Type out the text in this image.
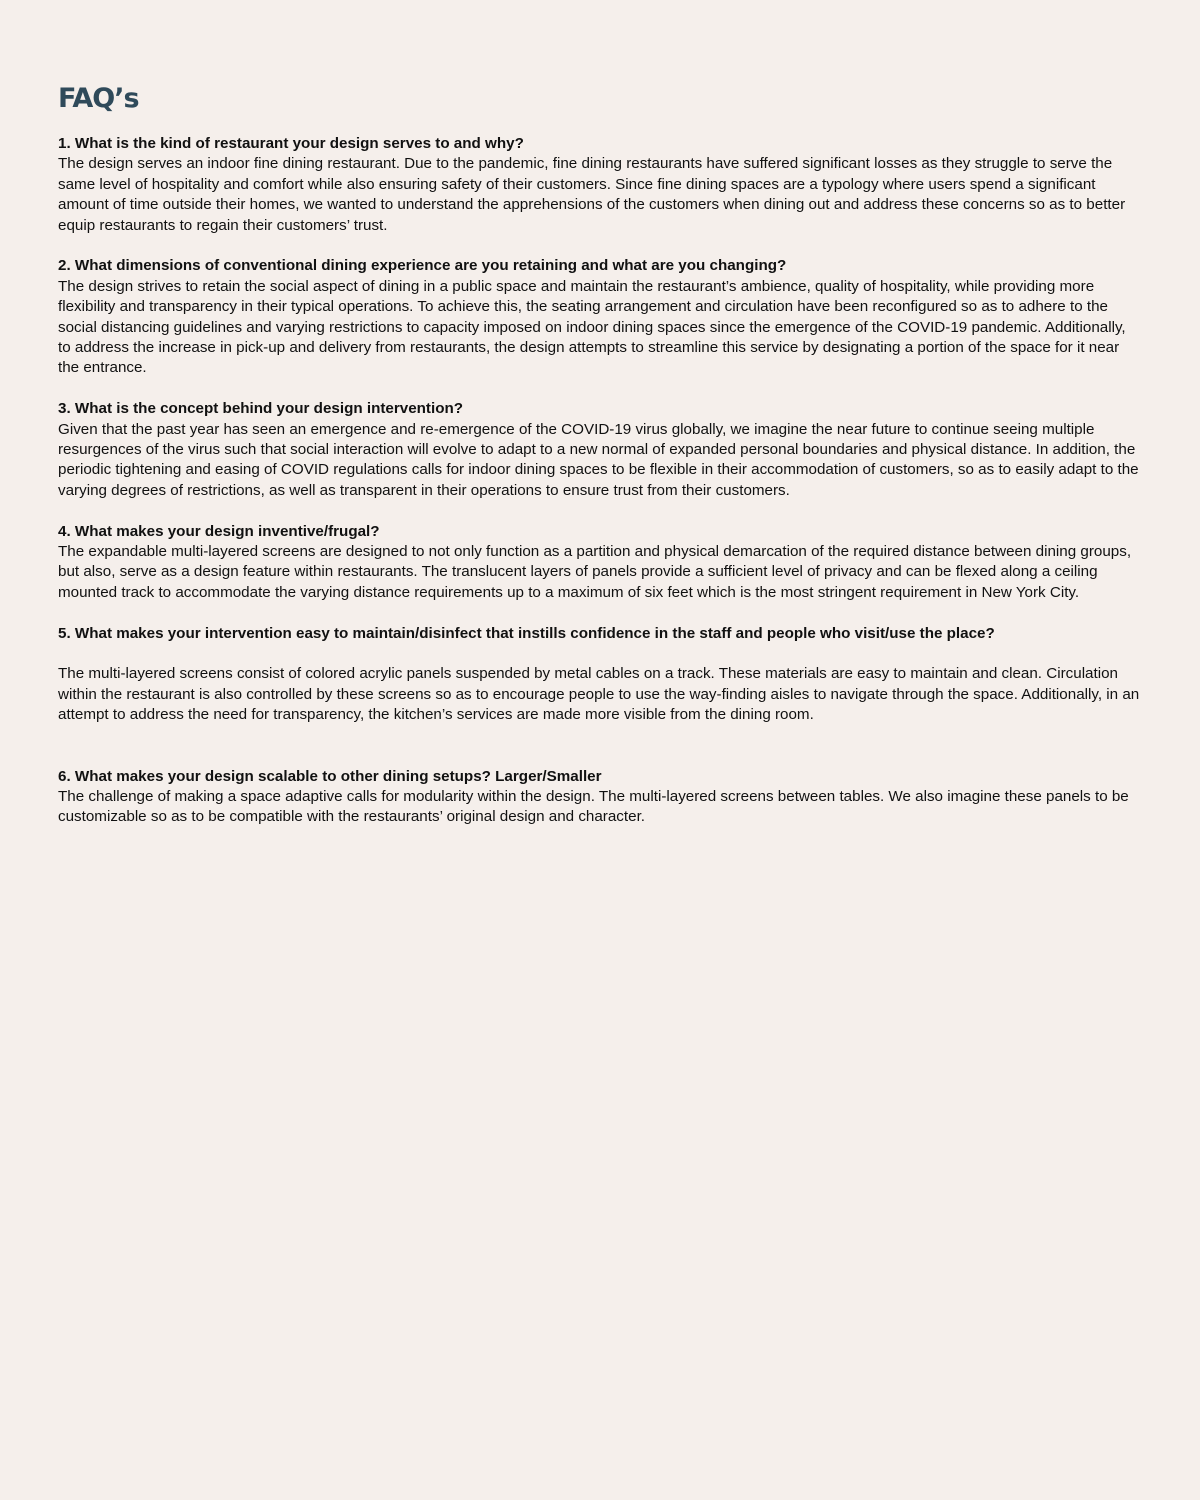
FAQ’s

1. What is the kind of restaurant your design serves to and why?

The design serves an indoor fine dining restaurant. Due to the pandemic, fine dining restaurants have suffered significant losses as they struggle to serve the same level of hospitality and comfort while also ensuring safety of their customers. Since fine dining spaces are a typology where users spend a significant amount of time outside their homes, we wanted to understand the apprehensions of the customers when dining out and address these concerns so as to better equip restaurants to regain their customers’ trust.

2. What dimensions of conventional dining experience are you retaining and what are you changing?

The design strives to retain the social aspect of dining in a public space and maintain the restaurant’s ambience, quality of hospitality, while providing more flexibility and transparency in their typical operations. To achieve this, the seating arrangement and circulation have been reconfigured so as to adhere to the social distancing guidelines and varying restrictions to capacity imposed on indoor dining spaces since the emergence of the COVID-19 pandemic. Additionally, to address the increase in pick-up and delivery from restaurants, the design attempts to streamline this service by designating a portion of the space for it near the entrance.

3. What is the concept behind your design intervention?

Given that the past year has seen an emergence and re-emergence of the COVID-19 virus globally, we imagine the near future to continue seeing multiple resurgences of the virus such that social interaction will evolve to adapt to a new normal of expanded personal boundaries and physical distance. In addition, the periodic tightening and easing of COVID regulations calls for indoor dining spaces to be flexible in their accommodation of customers, so as to easily adapt to the varying degrees of restrictions, as well as transparent in their operations to ensure trust from their customers.

4. What makes your design inventive/frugal?

The expandable multi-layered screens are designed to not only function as a partition and physical demarcation of the required distance between dining groups, but also, serve as a design feature within restaurants. The translucent layers of panels provide a sufficient level of privacy and can be flexed along a ceiling mounted track to accommodate the varying distance requirements up to a maximum of six feet which is the most stringent requirement in New York City.

5. What makes your intervention easy to maintain/disinfect that instills confidence in the staff and people who visit/use the place?

The multi-layered screens consist of colored acrylic panels suspended by metal cables on a track. These materials are easy to maintain and clean. Circulation within the restaurant is also controlled by these screens so as to encourage people to use the way-finding aisles to navigate through the space. Additionally, in an attempt to address the need for transparency, the kitchen’s services are made more visible from the dining room.

6. What makes your design scalable to other dining setups? Larger/Smaller

The challenge of making a space adaptive calls for modularity within the design. The multi-layered screens between tables. We also imagine these panels to be customizable so as to be compatible with the restaurants’ original design and character.
